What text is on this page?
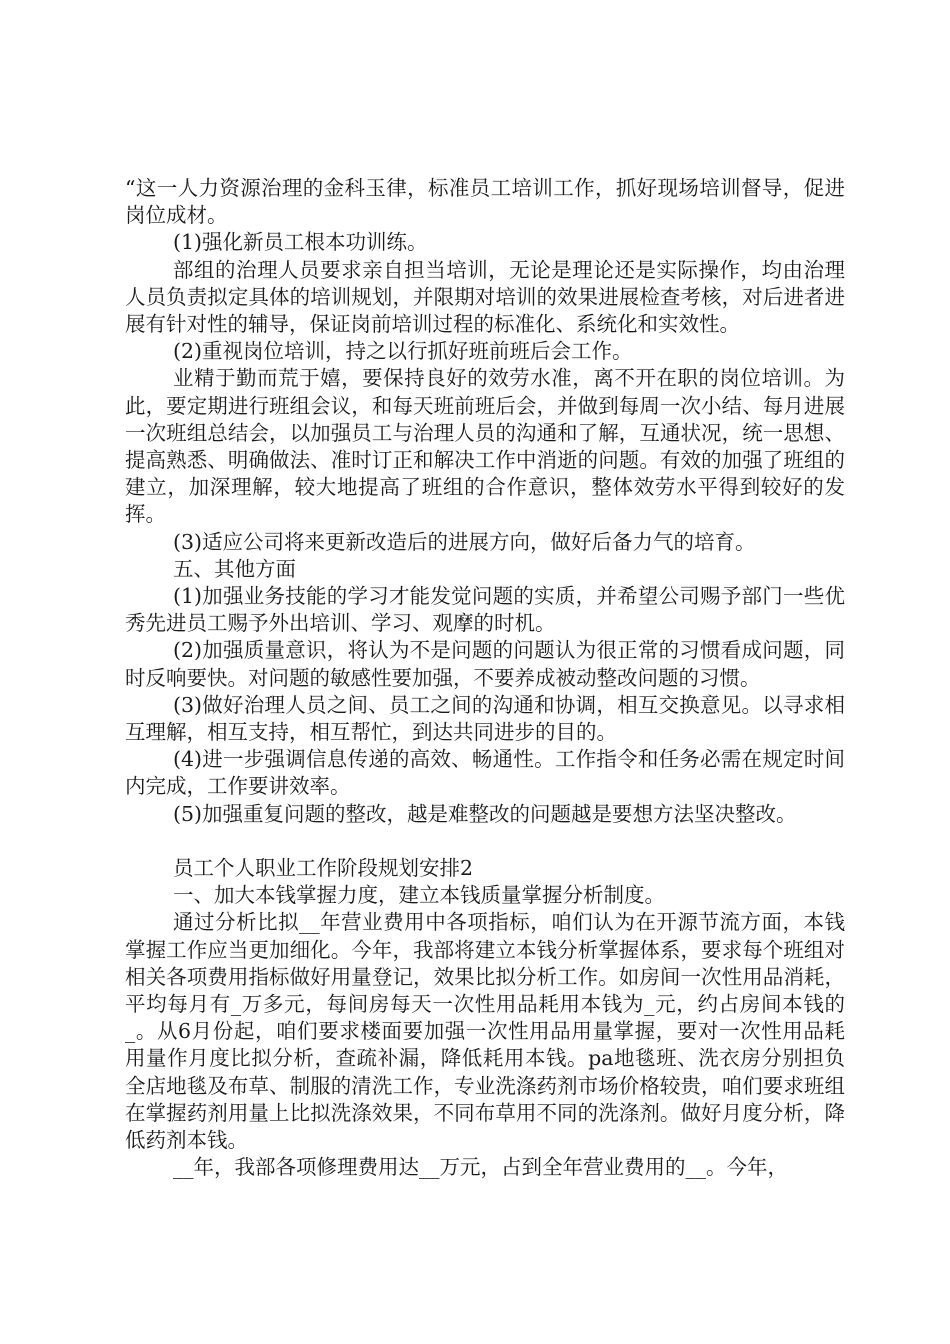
“这一人力资源治理的金科玉律，标准员工培训工作，抓好现场培训督导，促进岗位成材。

(1)强化新员工根本功训练。

部组的治理人员要求亲自担当培训，无论是理论还是实际操作，均由治理人员负责拟定具体的培训规划，并限期对培训的效果进展检查考核，对后进者进展有针对性的辅导，保证岗前培训过程的标准化、系统化和实效性。

(2)重视岗位培训，持之以行抓好班前班后会工作。

业精于勤而荒于嬉，要保持良好的效劳水准，离不开在职的岗位培训。为此，要定期进行班组会议，和每天班前班后会，并做到每周一次小结、每月进展一次班组总结会，以加强员工与治理人员的沟通和了解，互通状况，统一思想、提高熟悉、明确做法、准时订正和解决工作中消逝的问题。有效的加强了班组的建立，加深理解，较大地提高了班组的合作意识，整体效劳水平得到较好的发挥。

(3)适应公司将来更新改造后的进展方向，做好后备力气的培育。

五、其他方面

(1)加强业务技能的学习才能发觉问题的实质，并希望公司赐予部门一些优秀先进员工赐予外出培训、学习、观摩的时机。

(2)加强质量意识，将认为不是问题的问题认为很正常的习惯看成问题，同时反响要快。对问题的敏感性要加强，不要养成被动整改问题的习惯。

(3)做好治理人员之间、员工之间的沟通和协调，相互交换意见。以寻求相互理解，相互支持，相互帮忙，到达共同进步的目的。

(4)进一步强调信息传递的高效、畅通性。工作指令和任务必需在规定时间内完成，工作要讲效率。

(5)加强重复问题的整改，越是难整改的问题越是要想方法坚决整改。

员工个人职业工作阶段规划安排2

一、加大本钱掌握力度，建立本钱质量掌握分析制度。

通过分析比拟__年营业费用中各项指标，咱们认为在开源节流方面，本钱掌握工作应当更加细化。今年，我部将建立本钱分析掌握体系，要求每个班组对相关各项费用指标做好用量登记，效果比拟分析工作。如房间一次性用品消耗，平均每月有_万多元，每间房每天一次性用品耗用本钱为_元，约占房间本钱的_。从6月份起，咱们要求楼面要加强一次性用品用量掌握，要对一次性用品耗用量作月度比拟分析，查疏补漏，降低耗用本钱。pa地毯班、洗衣房分别担负全店地毯及布草、制服的清洗工作，专业洗涤药剂市场价格较贵，咱们要求班组在掌握药剂用量上比拟洗涤效果，不同布草用不同的洗涤剂。做好月度分析，降低药剂本钱。

__年，我部各项修理费用达__万元，占到全年营业费用的__。今年，
